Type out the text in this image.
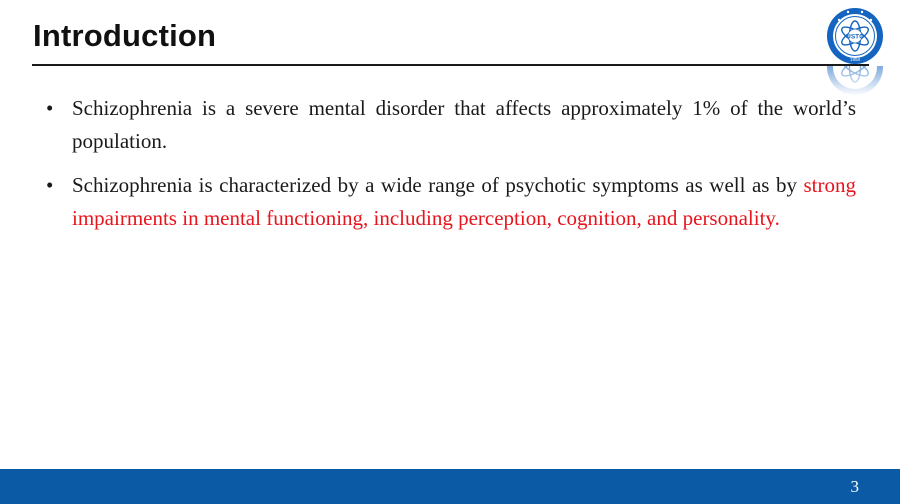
Introduction	USTC
1958
• Schizophrenia is a severe mental disorder that affects approximately 1% of the world’s population.
• Schizophrenia is characterized by a wide range of psychotic symptoms as well as by strong impairments in mental functioning, including perception, cognition, and personality.
3
